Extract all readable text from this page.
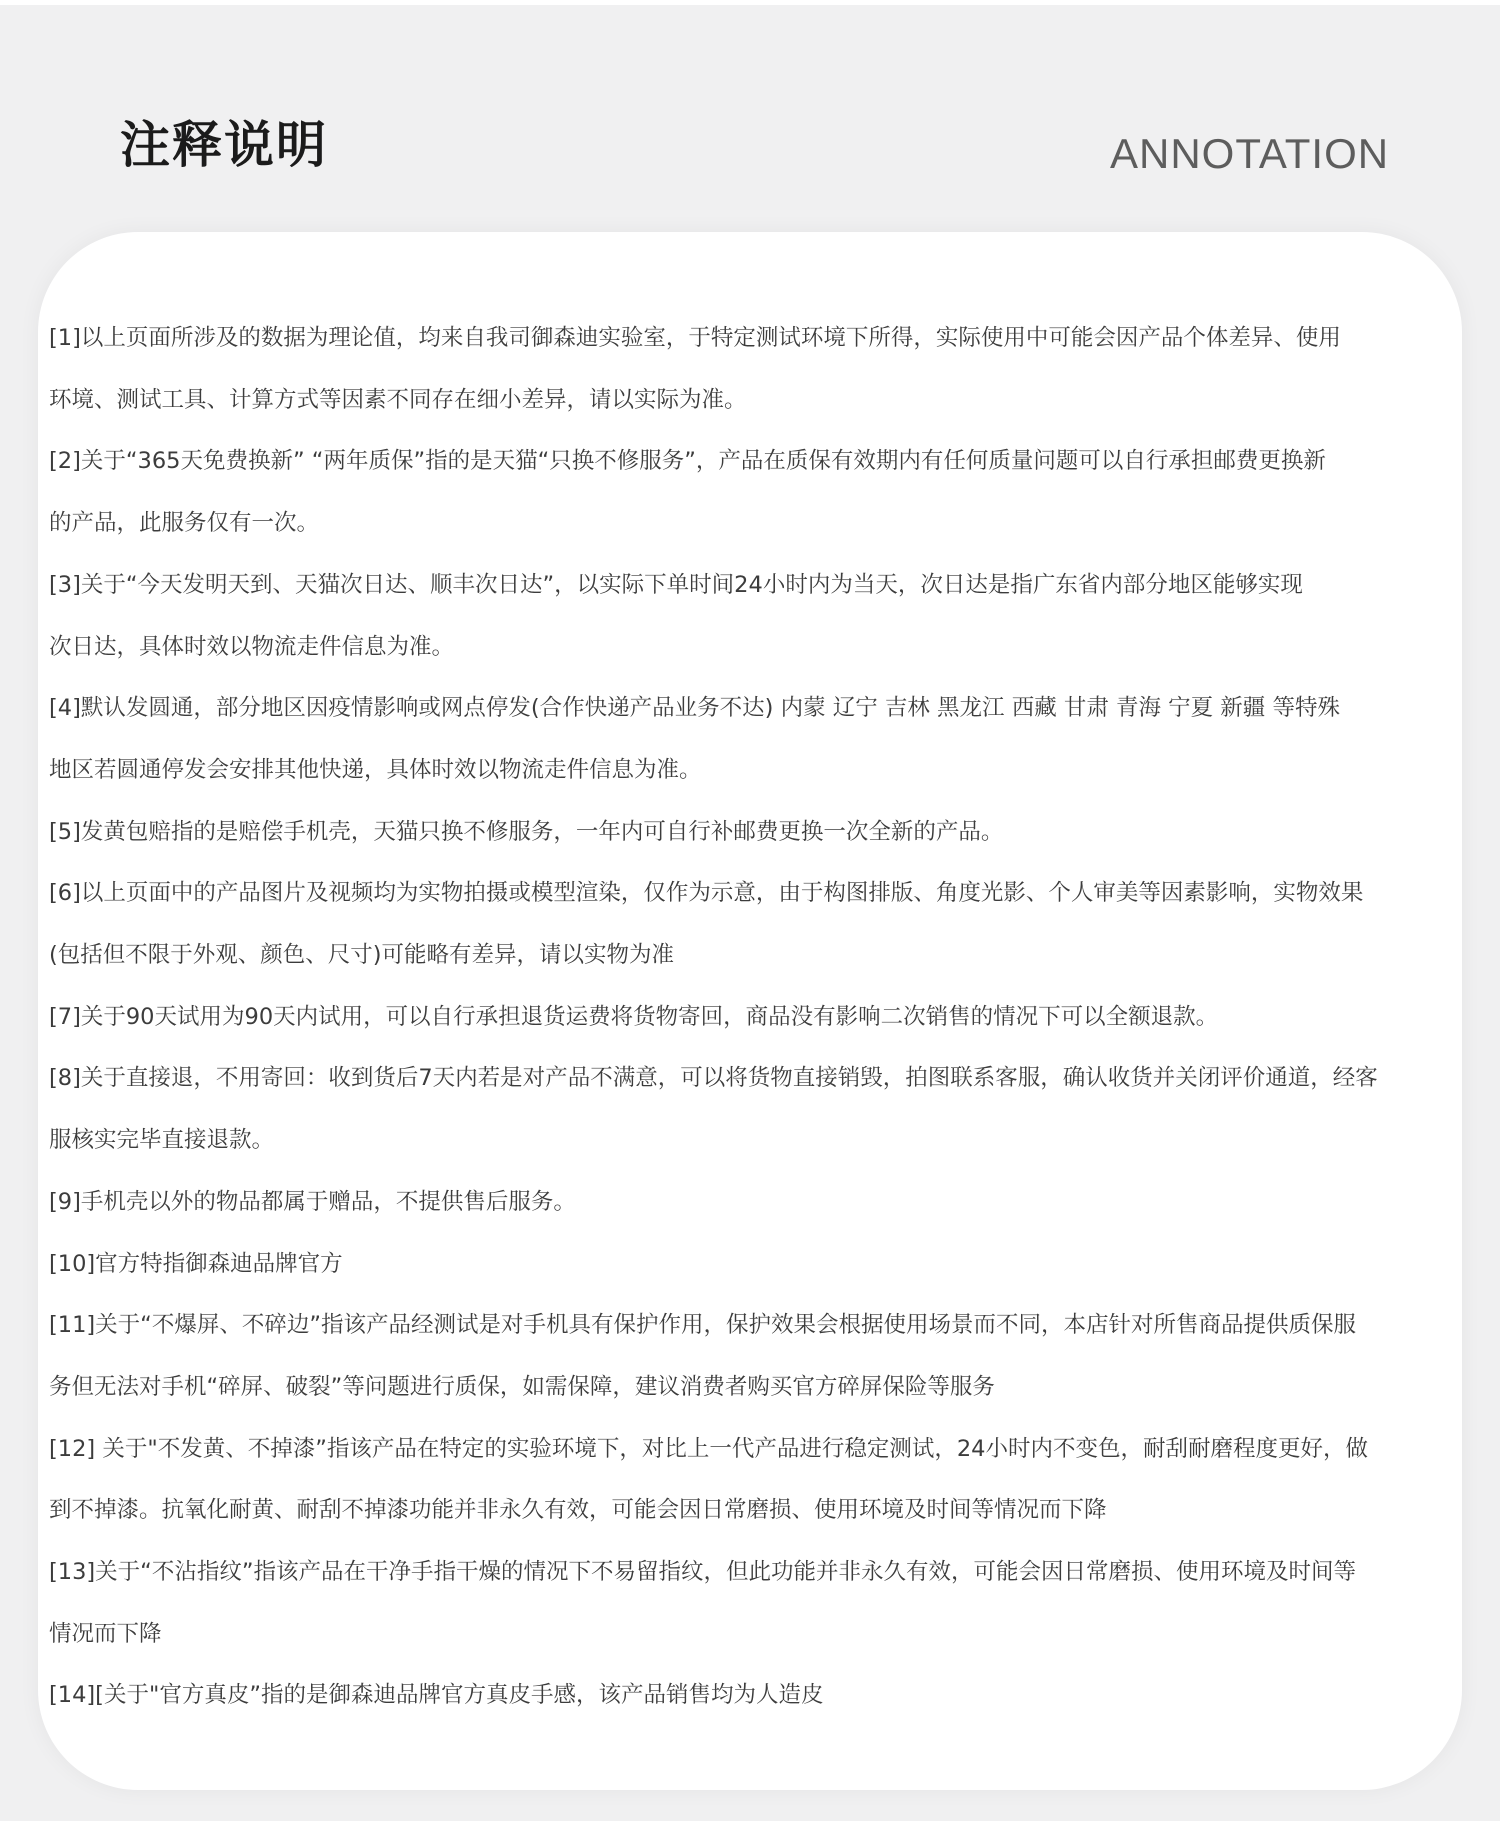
注释说明	ANNOTATION
[1]以上页面所涉及的数据为理论值，均来自我司御森迪实验室，于特定测试环境下所得，实际使用中可能会因产品个体差异、使用
环境、测试工具、计算方式等因素不同存在细小差异，请以实际为准。
[2]关于“365天免费换新” “两年质保”指的是天猫“只换不修服务”，产品在质保有效期内有任何质量问题可以自行承担邮费更换新
的产品，此服务仅有一次。
[3]关于“今天发明天到、天猫次日达、顺丰次日达”，以实际下单时间24小时内为当天，次日达是指广东省内部分地区能够实现
次日达，具体时效以物流走件信息为准。
[4]默认发圆通，部分地区因疫情影响或网点停发(合作快递产品业务不达) 内蒙 辽宁 吉林 黑龙江 西藏 甘肃 青海 宁夏 新疆 等特殊
地区若圆通停发会安排其他快递，具体时效以物流走件信息为准。
[5]发黄包赔指的是赔偿手机壳，天猫只换不修服务，一年内可自行补邮费更换一次全新的产品。
[6]以上页面中的产品图片及视频均为实物拍摄或模型渲染，仅作为示意，由于构图排版、角度光影、个人审美等因素影响，实物效果
(包括但不限于外观、颜色、尺寸)可能略有差异，请以实物为准
[7]关于90天试用为90天内试用，可以自行承担退货运费将货物寄回，商品没有影响二次销售的情况下可以全额退款。
[8]关于直接退，不用寄回：收到货后7天内若是对产品不满意，可以将货物直接销毁，拍图联系客服，确认收货并关闭评价通道，经客
服核实完毕直接退款。
[9]手机壳以外的物品都属于赠品，不提供售后服务。
[10]官方特指御森迪品牌官方
[11]关于“不爆屏、不碎边”指该产品经测试是对手机具有保护作用，保护效果会根据使用场景而不同，本店针对所售商品提供质保服
务但无法对手机“碎屏、破裂”等问题进行质保，如需保障，建议消费者购买官方碎屏保险等服务
[12] 关于"不发黄、不掉漆”指该产品在特定的实验环境下，对比上一代产品进行稳定测试，24小时内不变色，耐刮耐磨程度更好，做
到不掉漆。抗氧化耐黄、耐刮不掉漆功能并非永久有效，可能会因日常磨损、使用环境及时间等情况而下降
[13]关于“不沾指纹”指该产品在干净手指干燥的情况下不易留指纹，但此功能并非永久有效，可能会因日常磨损、使用环境及时间等
情况而下降
[14][关于"官方真皮”指的是御森迪品牌官方真皮手感，该产品销售均为人造皮
